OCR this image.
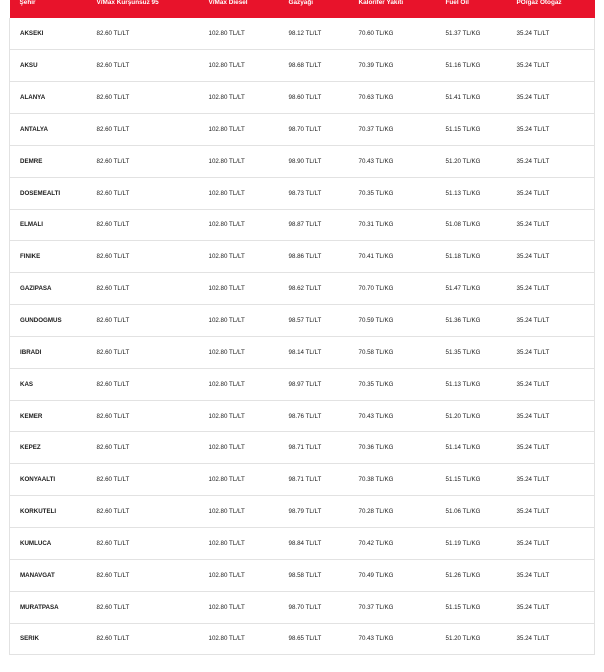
Şehir	V/Max Kurşunsuz 95	V/Max Diesel	Gazyağı	Kalorifer Yakıtı	Fuel Oil	PO/gaz Otogaz
AKSEKI	82.60 TL/LT	102.80 TL/LT	98.12 TL/LT	70.60 TL/KG	51.37 TL/KG	35.24 TL/LT
AKSU	82.60 TL/LT	102.80 TL/LT	98.68 TL/LT	70.39 TL/KG	51.16 TL/KG	35.24 TL/LT
ALANYA	82.60 TL/LT	102.80 TL/LT	98.60 TL/LT	70.63 TL/KG	51.41 TL/KG	35.24 TL/LT
ANTALYA	82.60 TL/LT	102.80 TL/LT	98.70 TL/LT	70.37 TL/KG	51.15 TL/KG	35.24 TL/LT
DEMRE	82.60 TL/LT	102.80 TL/LT	98.90 TL/LT	70.43 TL/KG	51.20 TL/KG	35.24 TL/LT
DOSEMEALTI	82.60 TL/LT	102.80 TL/LT	98.73 TL/LT	70.35 TL/KG	51.13 TL/KG	35.24 TL/LT
ELMALI	82.60 TL/LT	102.80 TL/LT	98.87 TL/LT	70.31 TL/KG	51.08 TL/KG	35.24 TL/LT
FINIKE	82.60 TL/LT	102.80 TL/LT	98.86 TL/LT	70.41 TL/KG	51.18 TL/KG	35.24 TL/LT
GAZIPASA	82.60 TL/LT	102.80 TL/LT	98.62 TL/LT	70.70 TL/KG	51.47 TL/KG	35.24 TL/LT
GUNDOGMUS	82.60 TL/LT	102.80 TL/LT	98.57 TL/LT	70.59 TL/KG	51.36 TL/KG	35.24 TL/LT
IBRADI	82.60 TL/LT	102.80 TL/LT	98.14 TL/LT	70.58 TL/KG	51.35 TL/KG	35.24 TL/LT
KAS	82.60 TL/LT	102.80 TL/LT	98.97 TL/LT	70.35 TL/KG	51.13 TL/KG	35.24 TL/LT
KEMER	82.60 TL/LT	102.80 TL/LT	98.76 TL/LT	70.43 TL/KG	51.20 TL/KG	35.24 TL/LT
KEPEZ	82.60 TL/LT	102.80 TL/LT	98.71 TL/LT	70.36 TL/KG	51.14 TL/KG	35.24 TL/LT
KONYAALTI	82.60 TL/LT	102.80 TL/LT	98.71 TL/LT	70.38 TL/KG	51.15 TL/KG	35.24 TL/LT
KORKUTELI	82.60 TL/LT	102.80 TL/LT	98.79 TL/LT	70.28 TL/KG	51.06 TL/KG	35.24 TL/LT
KUMLUCA	82.60 TL/LT	102.80 TL/LT	98.84 TL/LT	70.42 TL/KG	51.19 TL/KG	35.24 TL/LT
MANAVGAT	82.60 TL/LT	102.80 TL/LT	98.58 TL/LT	70.49 TL/KG	51.26 TL/KG	35.24 TL/LT
MURATPASA	82.60 TL/LT	102.80 TL/LT	98.70 TL/LT	70.37 TL/KG	51.15 TL/KG	35.24 TL/LT
SERIK	82.60 TL/LT	102.80 TL/LT	98.65 TL/LT	70.43 TL/KG	51.20 TL/KG	35.24 TL/LT
